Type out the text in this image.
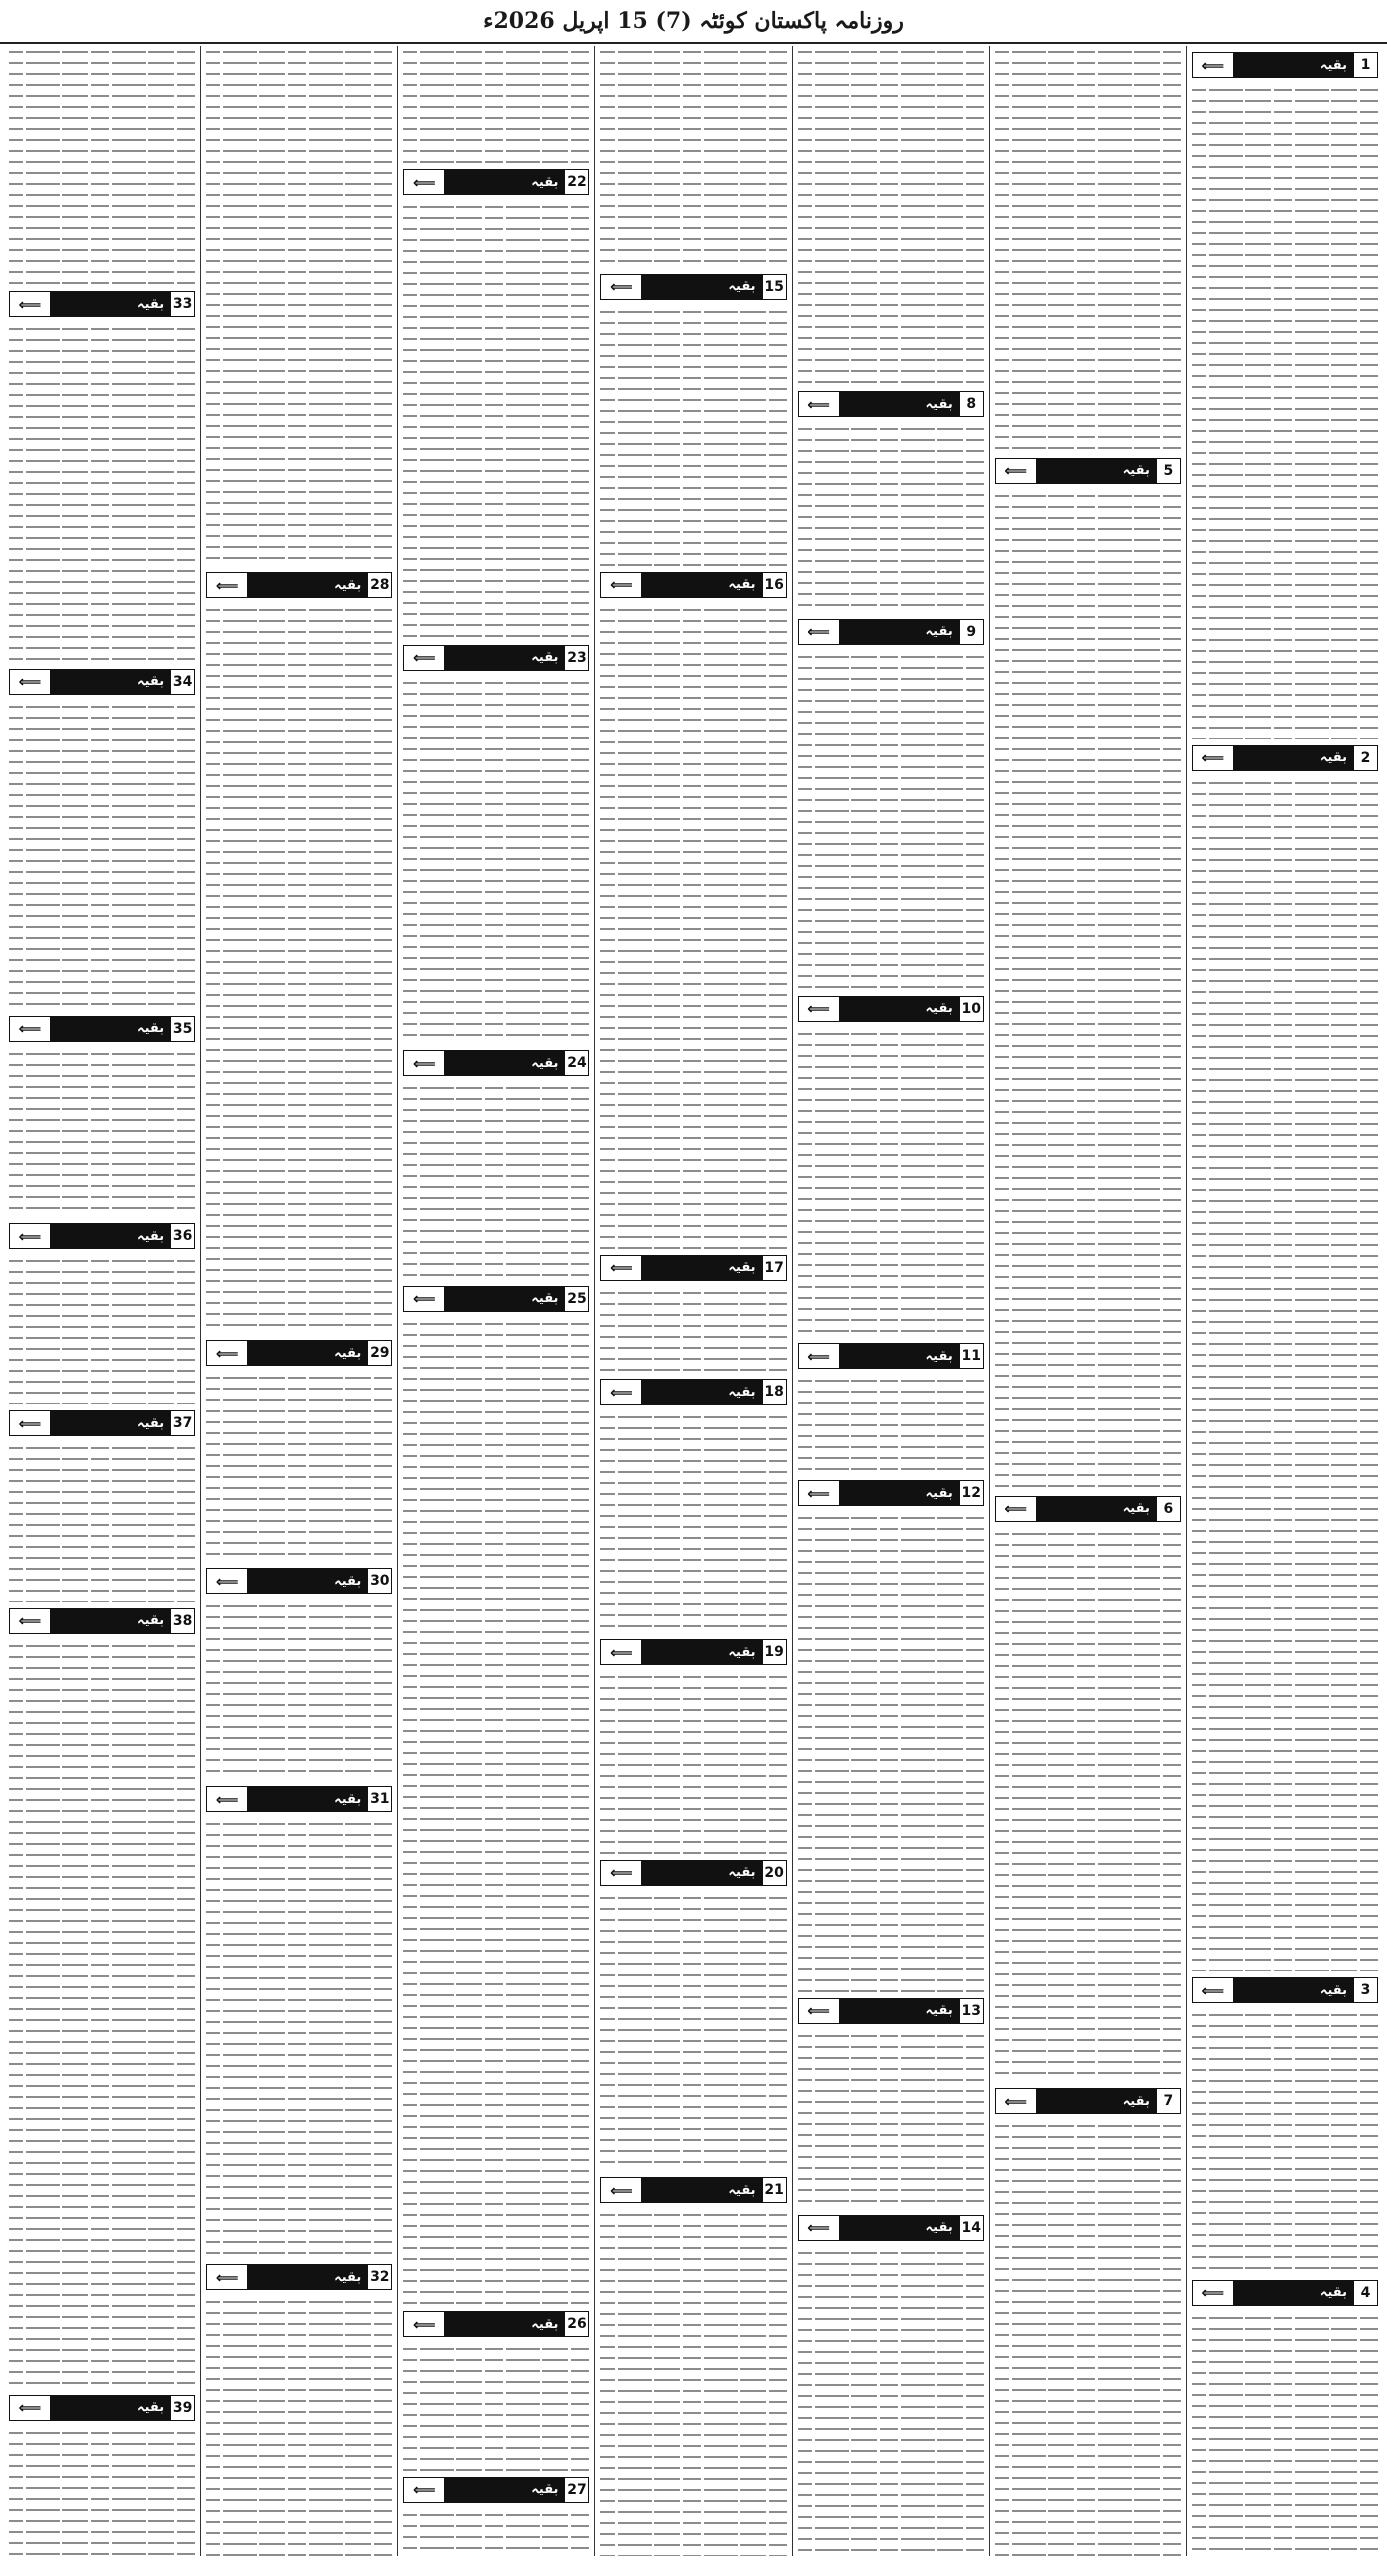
روزنامہ پاکستان کوئٹہ (7) 15 اپریل 2026ء
1
بقیہ
⟸
2
بقیہ
⟸
3
بقیہ
⟸
4
بقیہ
⟸
5
بقیہ
⟸
6
بقیہ
⟸
7
بقیہ
⟸
8
بقیہ
⟸
9
بقیہ
⟸
10
بقیہ
⟸
11
بقیہ
⟸
12
بقیہ
⟸
13
بقیہ
⟸
14
بقیہ
⟸
15
بقیہ
⟸
16
بقیہ
⟸
17
بقیہ
⟸
18
بقیہ
⟸
19
بقیہ
⟸
20
بقیہ
⟸
21
بقیہ
⟸
22
بقیہ
⟸
23
بقیہ
⟸
24
بقیہ
⟸
25
بقیہ
⟸
26
بقیہ
⟸
27
بقیہ
⟸
28
بقیہ
⟸
29
بقیہ
⟸
30
بقیہ
⟸
31
بقیہ
⟸
32
بقیہ
⟸
33
بقیہ
⟸
34
بقیہ
⟸
35
بقیہ
⟸
36
بقیہ
⟸
37
بقیہ
⟸
38
بقیہ
⟸
39
بقیہ
⟸
